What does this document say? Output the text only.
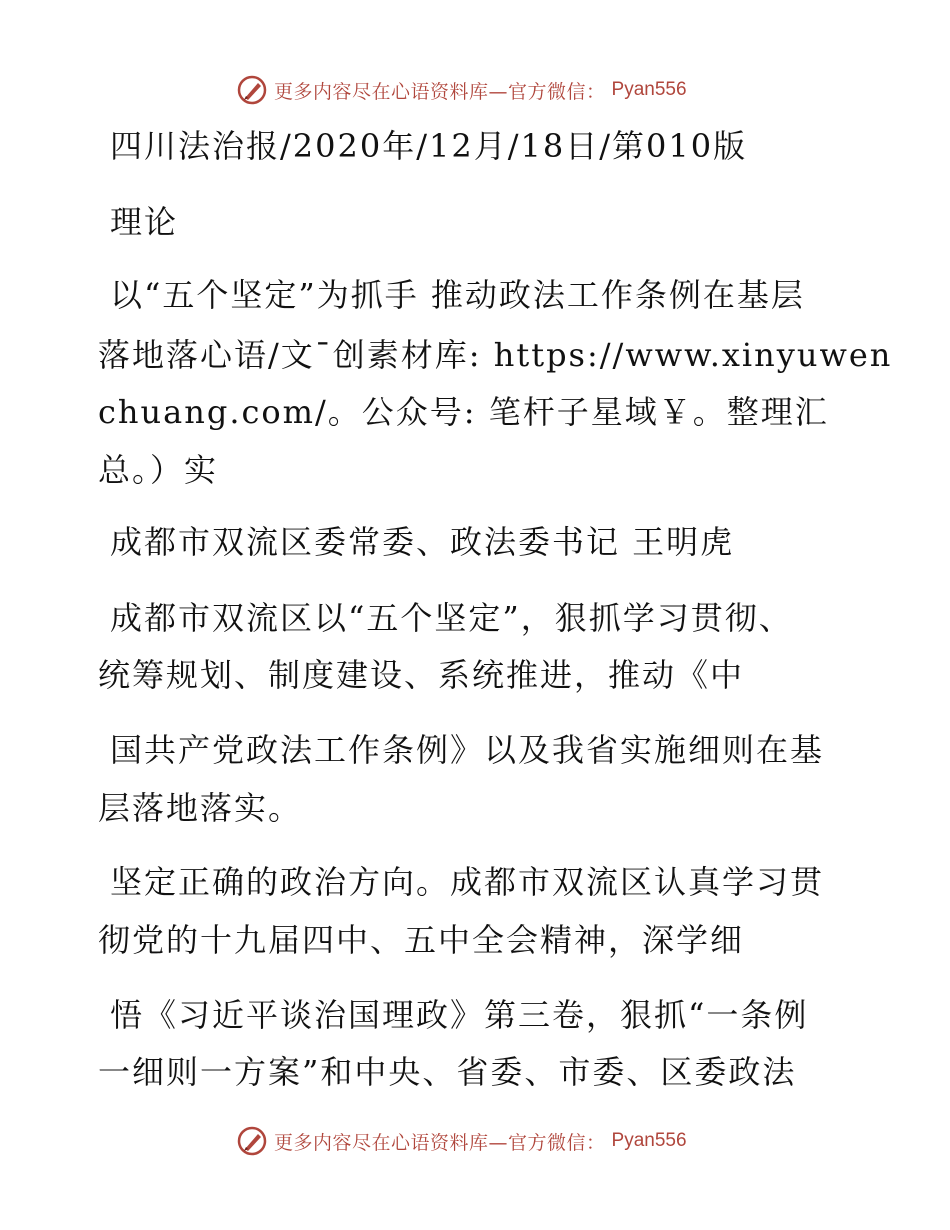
更多内容尽在心语资料库—官方微信： Pyan556

四川法治报/2020年/12月/18日/第010版

理论

以“五个坚定”为抓手 推动政法工作条例在基层

落地落心语/文¯创素材库: https://www.xinyuwen

chuang.com/。公众号: 笔杆子星域￥。整理汇

总。）实

成都市双流区委常委、政法委书记 王明虎

成都市双流区以“五个坚定”，狠抓学习贯彻、

统筹规划、制度建设、系统推进，推动《中

国共产党政法工作条例》以及我省实施细则在基

层落地落实。

坚定正确的政治方向。成都市双流区认真学习贯

彻党的十九届四中、五中全会精神，深学细

悟《习近平谈治国理政》第三卷，狠抓“一条例

一细则一方案”和中央、省委、市委、区委政法

更多内容尽在心语资料库—官方微信： Pyan556
